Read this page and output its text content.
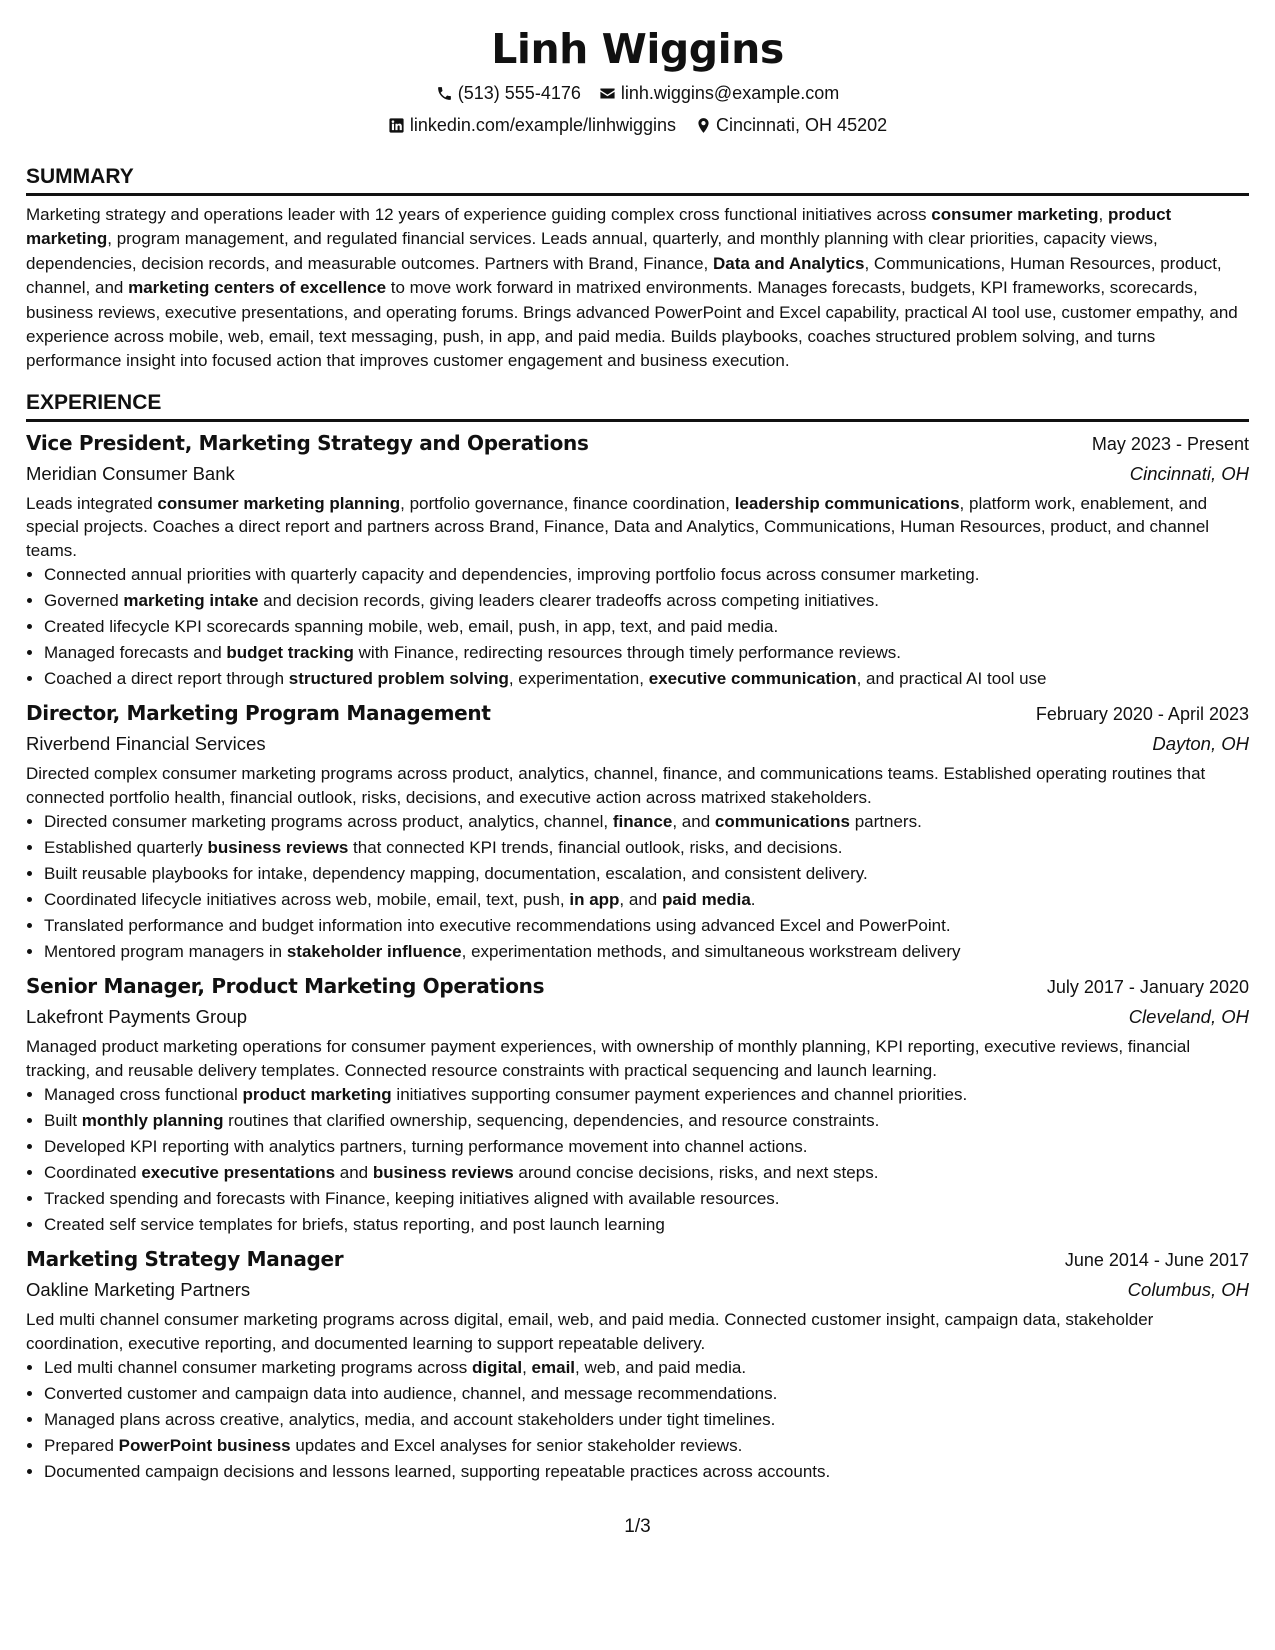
Linh Wiggins
(513) 555-4176 linh.wiggins@example.com
linkedin.com/example/linhwiggins Cincinnati, OH 45202
SUMMARY

Marketing strategy and operations leader with 12 years of experience guiding complex cross functional initiatives across consumer marketing, product marketing, program management, and regulated financial services. Leads annual, quarterly, and monthly planning with clear priorities, capacity views, dependencies, decision records, and measurable outcomes. Partners with Brand, Finance, Data and Analytics, Communications, Human Resources, product, channel, and marketing centers of excellence to move work forward in matrixed environments. Manages forecasts, budgets, KPI frameworks, scorecards, business reviews, executive presentations, and operating forums. Brings advanced PowerPoint and Excel capability, practical AI tool use, customer empathy, and experience across mobile, web, email, text messaging, push, in app, and paid media. Builds playbooks, coaches structured problem solving, and turns performance insight into focused action that improves customer engagement and business execution.

EXPERIENCE
Vice President, Marketing Strategy and Operations	May 2023 - Present
Meridian Consumer Bank	Cincinnati, OH

Leads integrated consumer marketing planning, portfolio governance, finance coordination, leadership communications, platform work, enablement, and special projects. Coaches a direct report and partners across Brand, Finance, Data and Analytics, Communications, Human Resources, product, and channel teams.

• Connected annual priorities with quarterly capacity and dependencies, improving portfolio focus across consumer marketing.
• Governed marketing intake and decision records, giving leaders clearer tradeoffs across competing initiatives.
• Created lifecycle KPI scorecards spanning mobile, web, email, push, in app, text, and paid media.
• Managed forecasts and budget tracking with Finance, redirecting resources through timely performance reviews.
• Coached a direct report through structured problem solving, experimentation, executive communication, and practical AI tool use
Director, Marketing Program Management	February 2020 - April 2023
Riverbend Financial Services	Dayton, OH

Directed complex consumer marketing programs across product, analytics, channel, finance, and communications teams. Established operating routines that connected portfolio health, financial outlook, risks, decisions, and executive action across matrixed stakeholders.

• Directed consumer marketing programs across product, analytics, channel, finance, and communications partners.
• Established quarterly business reviews that connected KPI trends, financial outlook, risks, and decisions.
• Built reusable playbooks for intake, dependency mapping, documentation, escalation, and consistent delivery.
• Coordinated lifecycle initiatives across web, mobile, email, text, push, in app, and paid media.
• Translated performance and budget information into executive recommendations using advanced Excel and PowerPoint.
• Mentored program managers in stakeholder influence, experimentation methods, and simultaneous workstream delivery
Senior Manager, Product Marketing Operations	July 2017 - January 2020
Lakefront Payments Group	Cleveland, OH

Managed product marketing operations for consumer payment experiences, with ownership of monthly planning, KPI reporting, executive reviews, financial tracking, and reusable delivery templates. Connected resource constraints with practical sequencing and launch learning.

• Managed cross functional product marketing initiatives supporting consumer payment experiences and channel priorities.
• Built monthly planning routines that clarified ownership, sequencing, dependencies, and resource constraints.
• Developed KPI reporting with analytics partners, turning performance movement into channel actions.
• Coordinated executive presentations and business reviews around concise decisions, risks, and next steps.
• Tracked spending and forecasts with Finance, keeping initiatives aligned with available resources.
• Created self service templates for briefs, status reporting, and post launch learning
Marketing Strategy Manager	June 2014 - June 2017
Oakline Marketing Partners	Columbus, OH

Led multi channel consumer marketing programs across digital, email, web, and paid media. Connected customer insight, campaign data, stakeholder coordination, executive reporting, and documented learning to support repeatable delivery.

• Led multi channel consumer marketing programs across digital, email, web, and paid media.
• Converted customer and campaign data into audience, channel, and message recommendations.
• Managed plans across creative, analytics, media, and account stakeholders under tight timelines.
• Prepared PowerPoint business updates and Excel analyses for senior stakeholder reviews.
• Documented campaign decisions and lessons learned, supporting repeatable practices across accounts.
1/3
